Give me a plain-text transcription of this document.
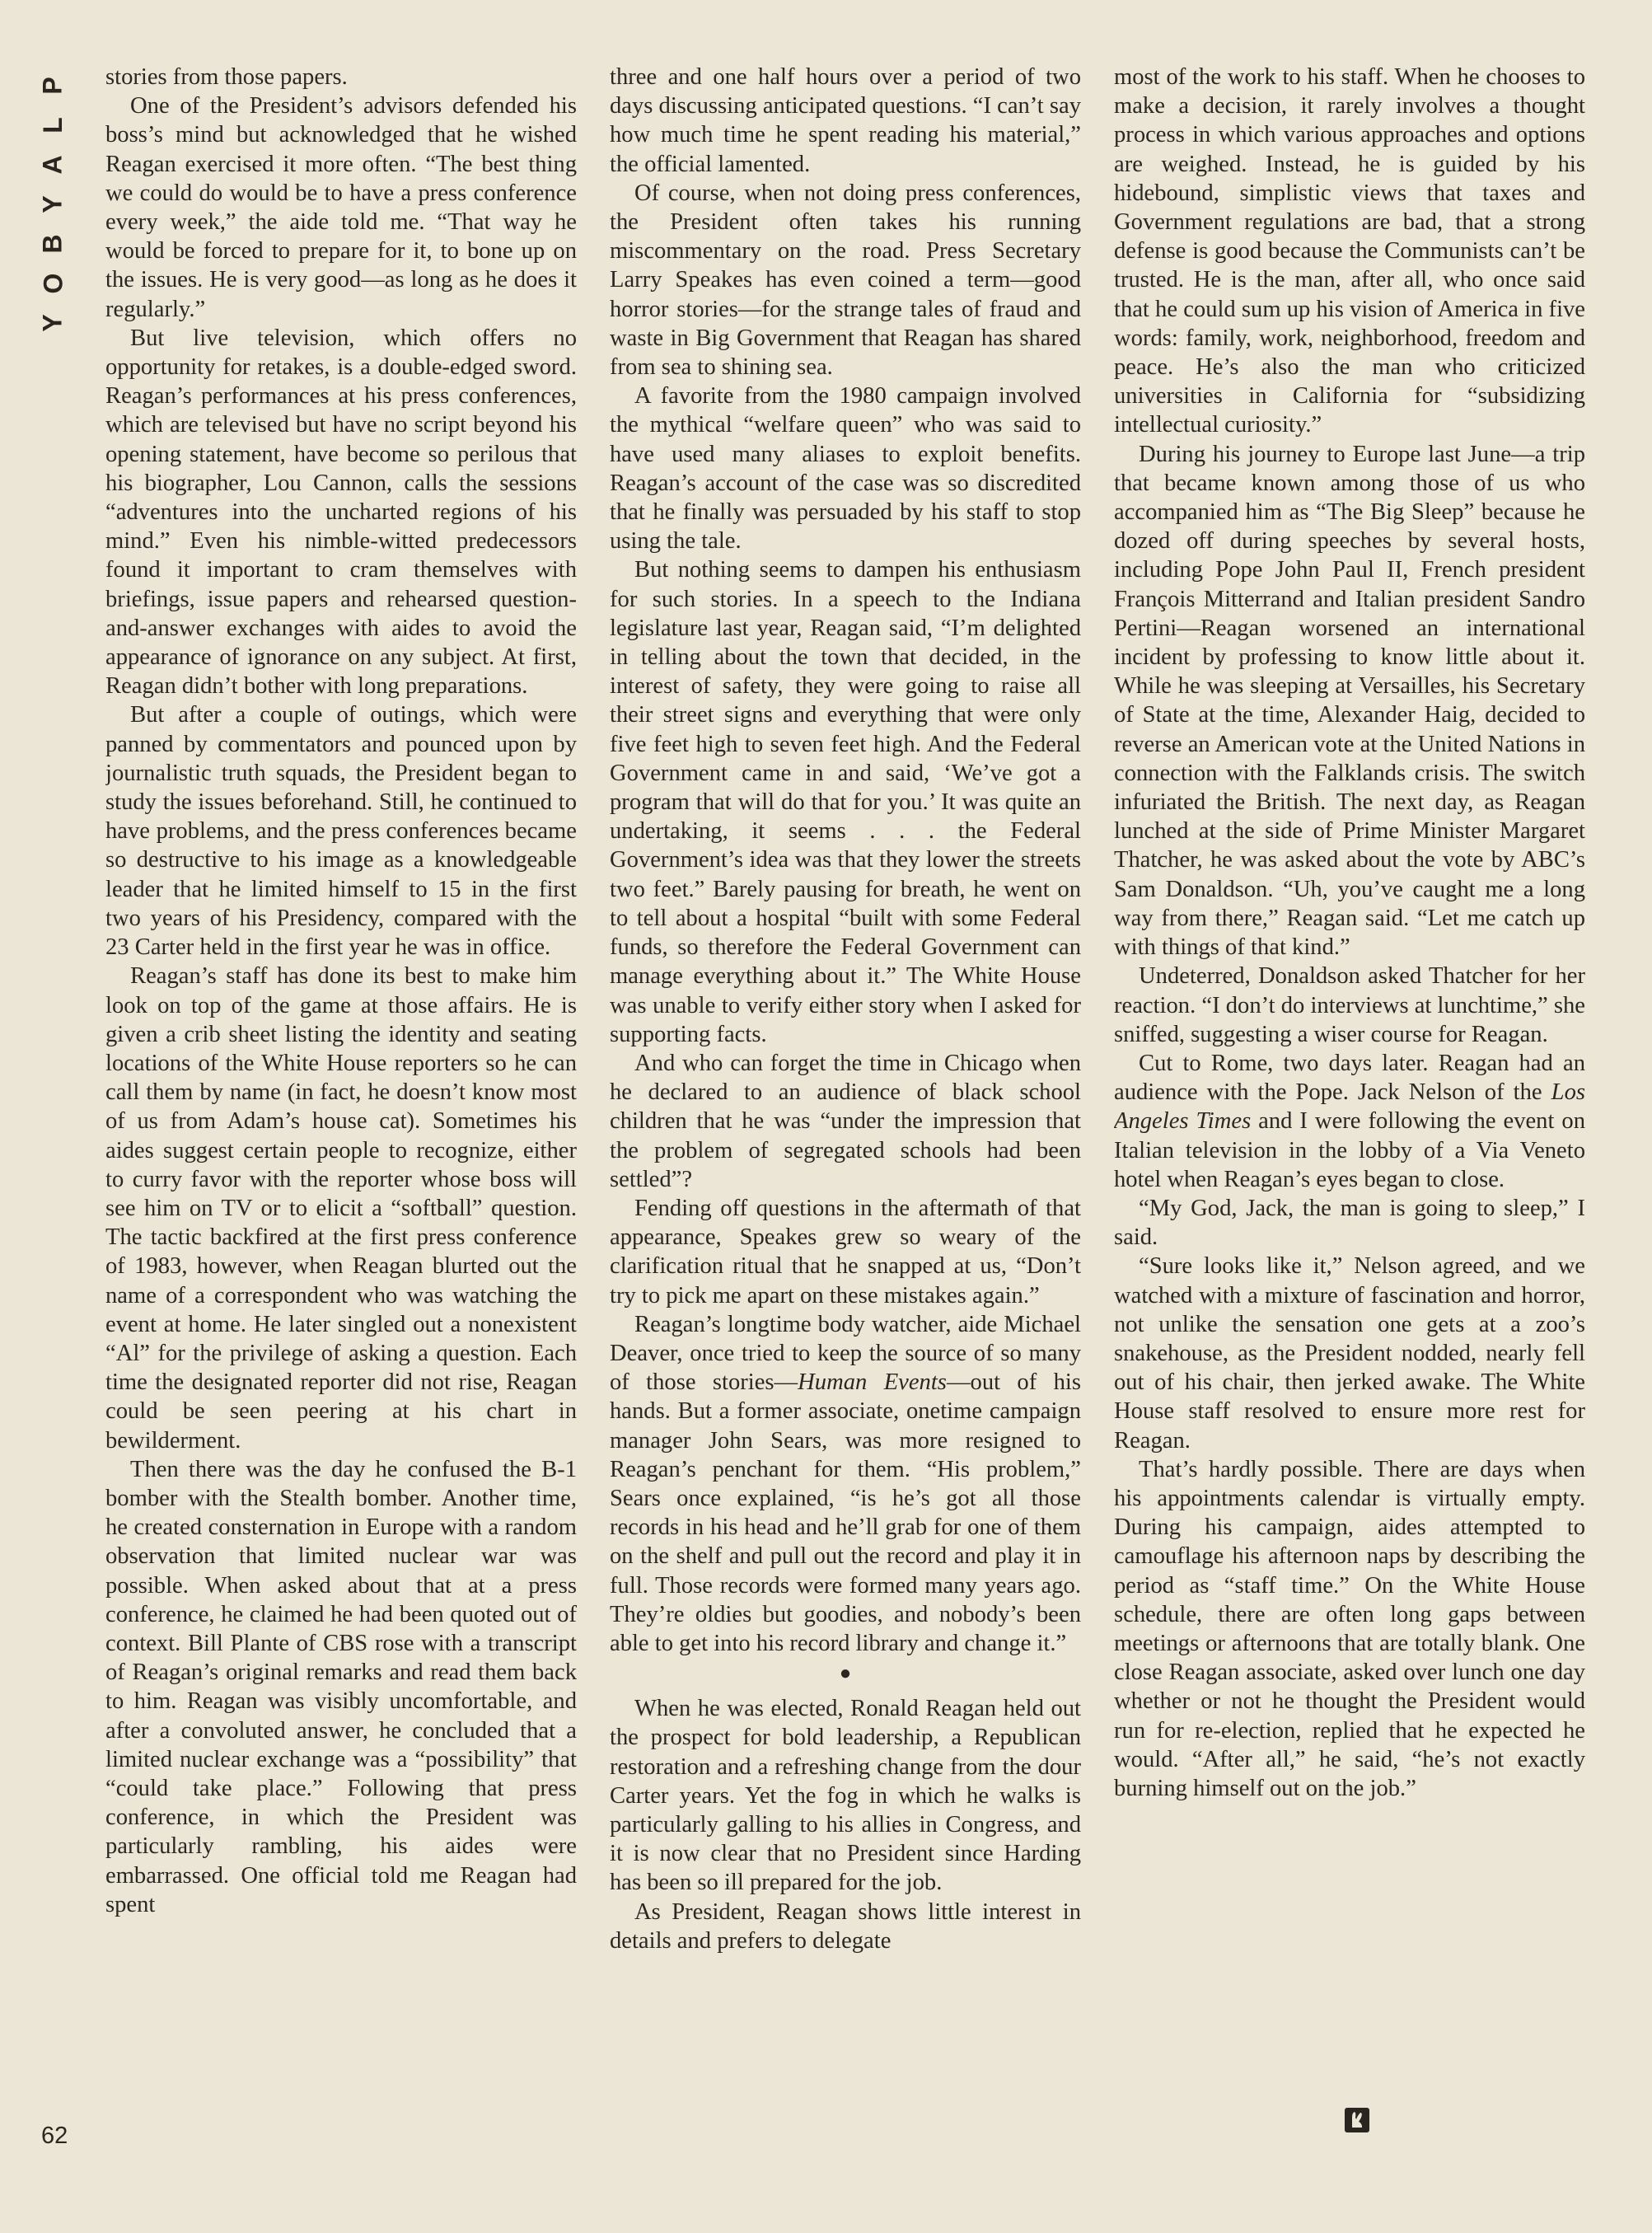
P
L
A
Y
B
O
Y
62

stories from those papers.

One of the President’s advisors defended his boss’s mind but acknowledged that he wished Reagan exercised it more often. “The best thing we could do would be to have a press conference every week,” the aide told me. “That way he would be forced to prepare for it, to bone up on the issues. He is very good—as long as he does it regularly.”

But live television, which offers no opportunity for retakes, is a double-edged sword. Reagan’s performances at his press conferences, which are televised but have no script beyond his opening statement, have become so perilous that his biographer, Lou Cannon, calls the sessions “adventures into the uncharted regions of his mind.” Even his nimble-witted predecessors found it important to cram themselves with briefings, issue papers and rehearsed question-and-answer exchanges with aides to avoid the appearance of ignorance on any subject. At first, Reagan didn’t bother with long preparations.

But after a couple of outings, which were panned by commentators and pounced upon by journalistic truth squads, the President began to study the issues beforehand. Still, he continued to have problems, and the press conferences became so destructive to his image as a knowledgeable leader that he limited himself to 15 in the first two years of his Presidency, compared with the 23 Carter held in the first year he was in office.

Reagan’s staff has done its best to make him look on top of the game at those affairs. He is given a crib sheet listing the identity and seating locations of the White House reporters so he can call them by name (in fact, he doesn’t know most of us from Adam’s house cat). Sometimes his aides suggest certain people to recognize, either to curry favor with the reporter whose boss will see him on TV or to elicit a “softball” question. The tactic backfired at the first press conference of 1983, however, when Reagan blurted out the name of a correspondent who was watching the event at home. He later singled out a nonexistent “Al” for the privilege of asking a question. Each time the designated reporter did not rise, Reagan could be seen peering at his chart in bewilderment.

Then there was the day he confused the B-1 bomber with the Stealth bomber. Another time, he created consternation in Europe with a random observation that limited nuclear war was possible. When asked about that at a press conference, he claimed he had been quoted out of context. Bill Plante of CBS rose with a transcript of Reagan’s original remarks and read them back to him. Reagan was visibly uncomfortable, and after a convoluted answer, he concluded that a limited nuclear exchange was a “possibility” that “could take place.” Following that press conference, in which the President was particularly rambling, his aides were embarrassed. One official told me Reagan had spent

three and one half hours over a period of two days discussing anticipated questions. “I can’t say how much time he spent reading his material,” the official lamented.

Of course, when not doing press conferences, the President often takes his running miscommentary on the road. Press Secretary Larry Speakes has even coined a term—good horror stories—for the strange tales of fraud and waste in Big Government that Reagan has shared from sea to shining sea.

A favorite from the 1980 campaign involved the mythical “welfare queen” who was said to have used many aliases to exploit benefits. Reagan’s account of the case was so discredited that he finally was persuaded by his staff to stop using the tale.

But nothing seems to dampen his enthusiasm for such stories. In a speech to the Indiana legislature last year, Reagan said, “I’m delighted in telling about the town that decided, in the interest of safety, they were going to raise all their street signs and everything that were only five feet high to seven feet high. And the Federal Government came in and said, ‘We’ve got a program that will do that for you.’ It was quite an undertaking, it seems . . . the Federal Government’s idea was that they lower the streets two feet.” Barely pausing for breath, he went on to tell about a hospital “built with some Federal funds, so therefore the Federal Government can manage everything about it.” The White House was unable to verify either story when I asked for supporting facts.

And who can forget the time in Chicago when he declared to an audience of black school children that he was “under the impression that the problem of segregated schools had been settled”?

Fending off questions in the aftermath of that appearance, Speakes grew so weary of the clarification ritual that he snapped at us, “Don’t try to pick me apart on these mistakes again.”

Reagan’s longtime body watcher, aide Michael Deaver, once tried to keep the source of so many of those stories—Human Events—out of his hands. But a former associate, onetime campaign manager John Sears, was more resigned to Reagan’s penchant for them. “His problem,” Sears once explained, “is he’s got all those records in his head and he’ll grab for one of them on the shelf and pull out the record and play it in full. Those records were formed many years ago. They’re oldies but goodies, and nobody’s been able to get into his record library and change it.”

●

When he was elected, Ronald Reagan held out the prospect for bold leadership, a Republican restoration and a refreshing change from the dour Carter years. Yet the fog in which he walks is particularly galling to his allies in Congress, and it is now clear that no President since Harding has been so ill prepared for the job.

As President, Reagan shows little interest in details and prefers to delegate

most of the work to his staff. When he chooses to make a decision, it rarely involves a thought process in which various approaches and options are weighed. Instead, he is guided by his hidebound, simplistic views that taxes and Government regulations are bad, that a strong defense is good because the Communists can’t be trusted. He is the man, after all, who once said that he could sum up his vision of America in five words: family, work, neighborhood, freedom and peace. He’s also the man who criticized universities in California for “subsidizing intellectual curiosity.”

During his journey to Europe last June—a trip that became known among those of us who accompanied him as “The Big Sleep” because he dozed off during speeches by several hosts, including Pope John Paul II, French president François Mitterrand and Italian president Sandro Pertini—Reagan worsened an international incident by professing to know little about it. While he was sleeping at Versailles, his Secretary of State at the time, Alexander Haig, decided to reverse an American vote at the United Nations in connection with the Falklands crisis. The switch infuriated the British. The next day, as Reagan lunched at the side of Prime Minister Margaret Thatcher, he was asked about the vote by ABC’s Sam Donaldson. “Uh, you’ve caught me a long way from there,” Reagan said. “Let me catch up with things of that kind.”

Undeterred, Donaldson asked Thatcher for her reaction. “I don’t do interviews at lunchtime,” she sniffed, suggesting a wiser course for Reagan.

Cut to Rome, two days later. Reagan had an audience with the Pope. Jack Nelson of the Los Angeles Times and I were following the event on Italian television in the lobby of a Via Veneto hotel when Reagan’s eyes began to close.

“My God, Jack, the man is going to sleep,” I said.

“Sure looks like it,” Nelson agreed, and we watched with a mixture of fascination and horror, not unlike the sensation one gets at a zoo’s snakehouse, as the President nodded, nearly fell out of his chair, then jerked awake. The White House staff resolved to ensure more rest for Reagan.

That’s hardly possible. There are days when his appointments calendar is virtually empty. During his campaign, aides attempted to camouflage his afternoon naps by describing the period as “staff time.” On the White House schedule, there are often long gaps between meetings or afternoons that are totally blank. One close Reagan associate, asked over lunch one day whether or not he thought the President would run for re-election, replied that he expected he would. “After all,” he said, “he’s not exactly burning himself out on the job.”
